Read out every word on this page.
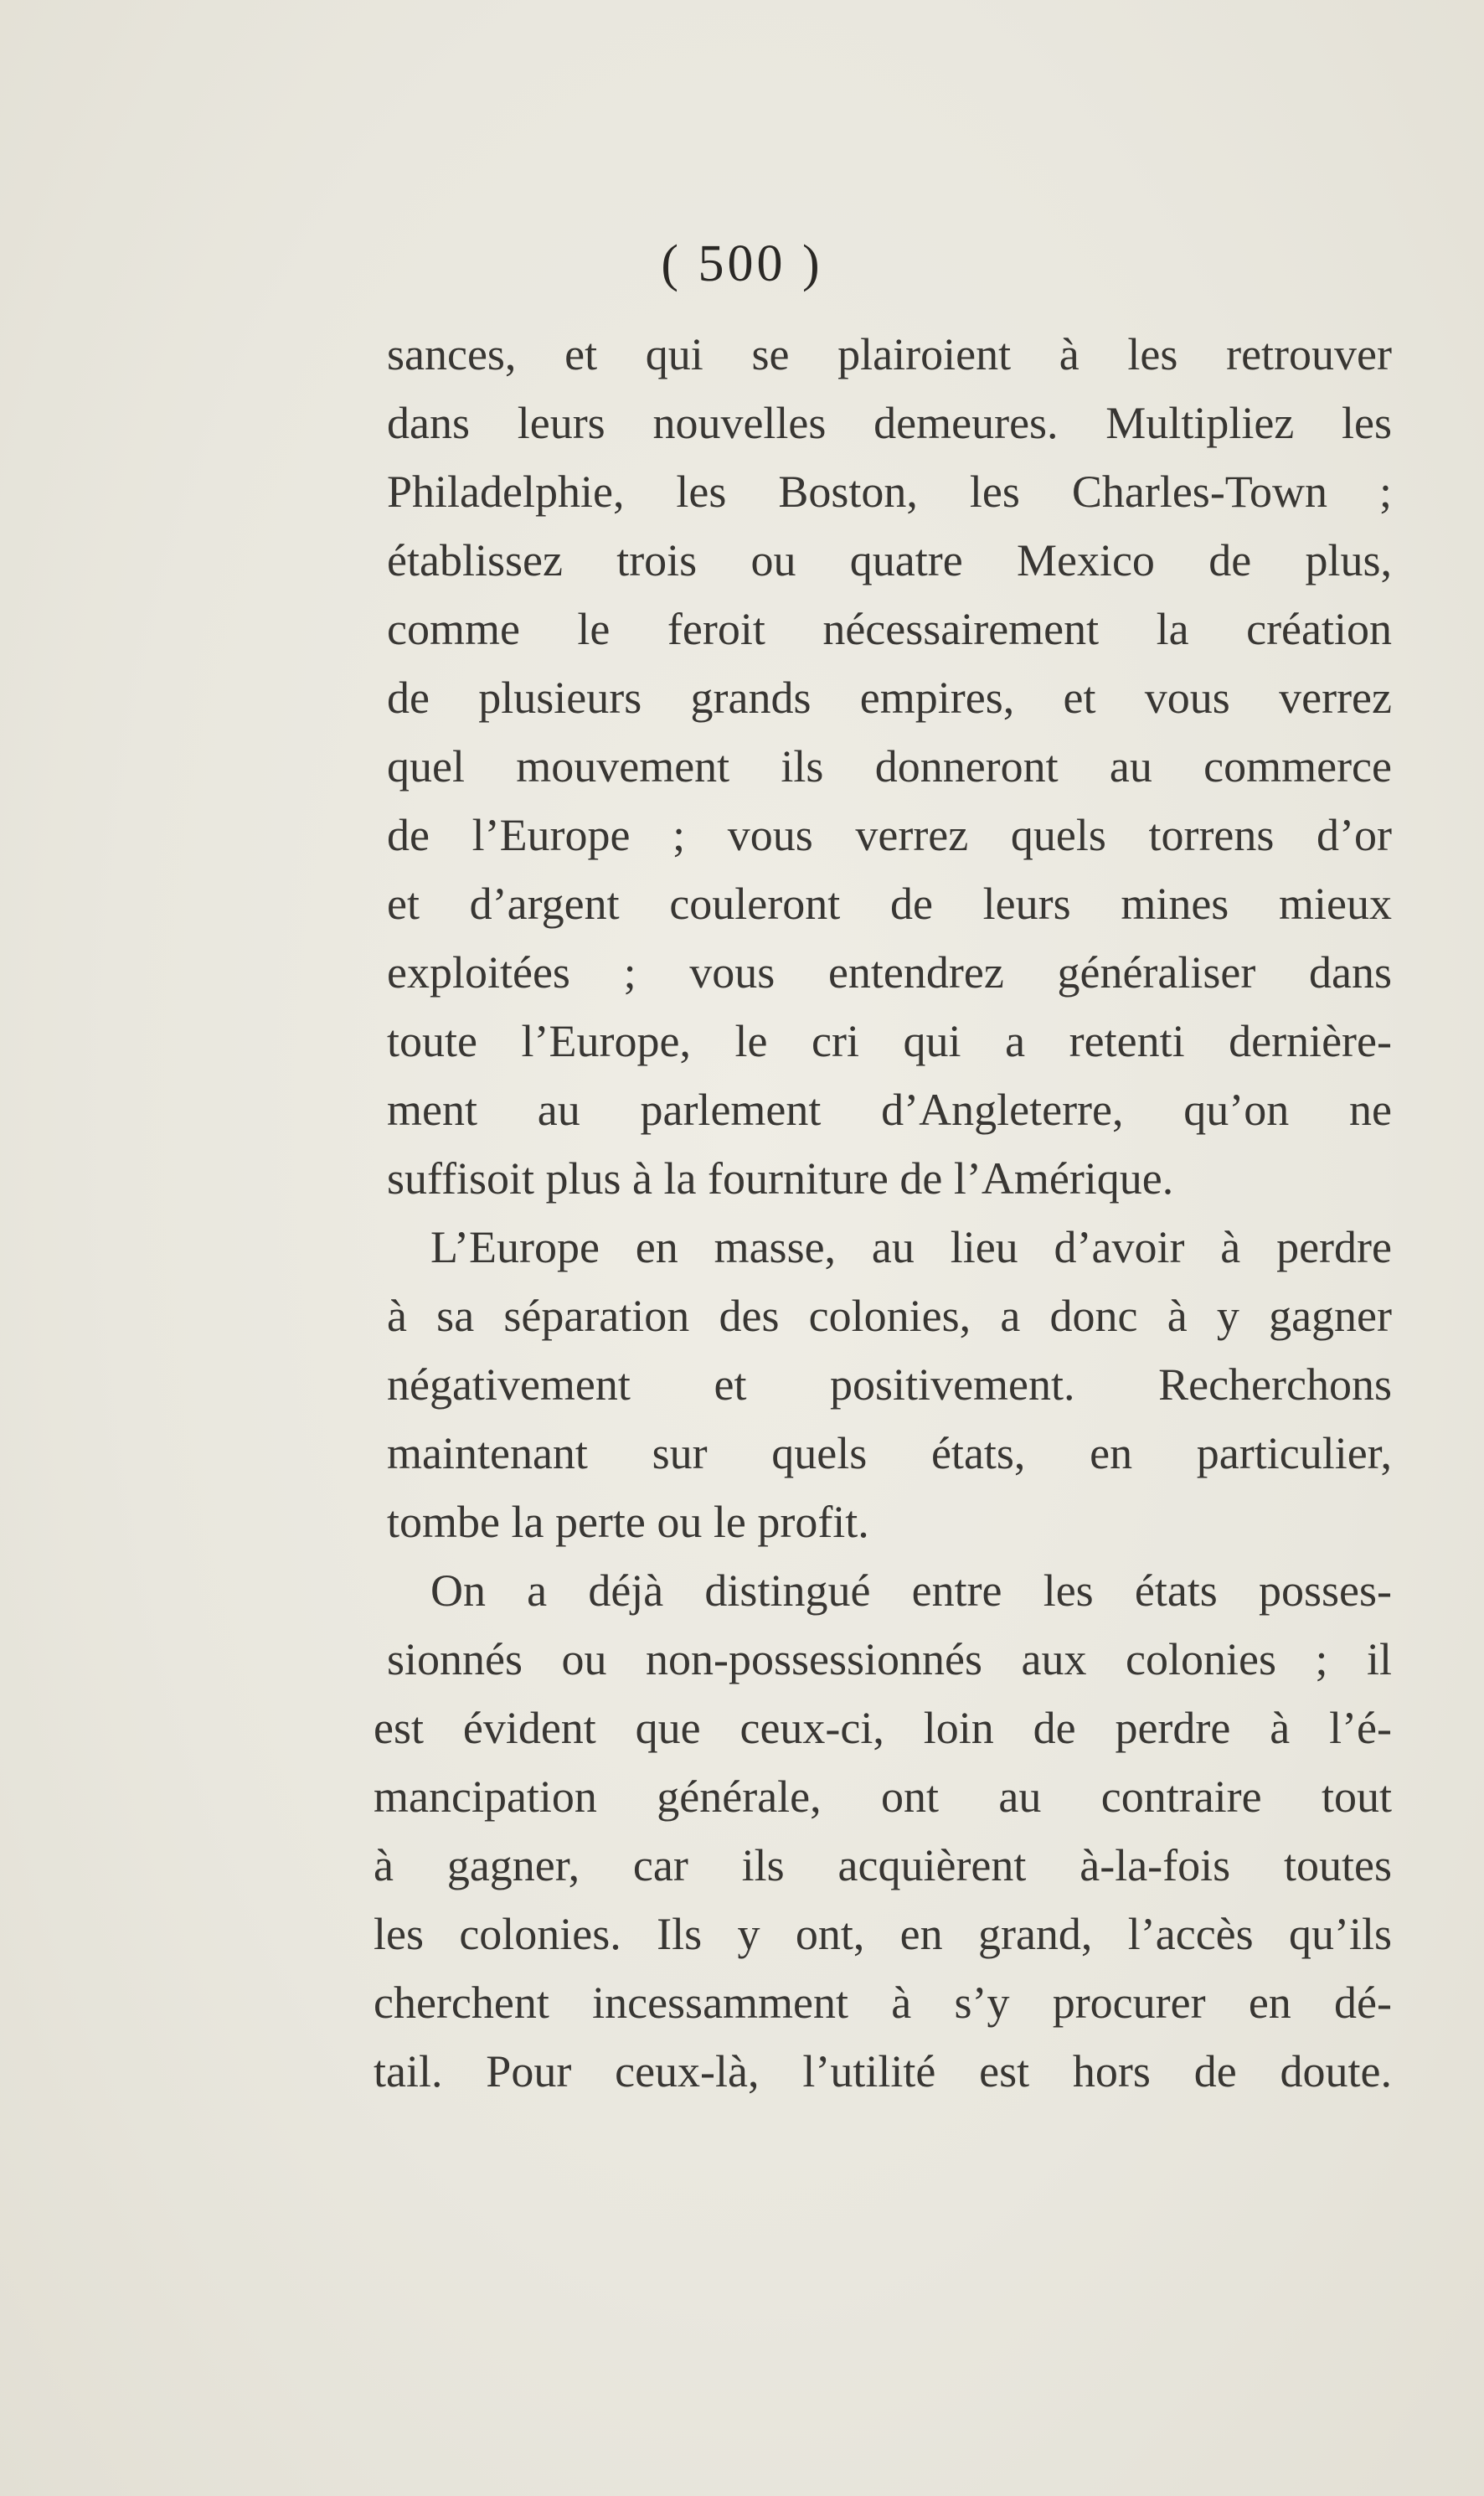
( 500 )
sances, et qui se plairoient à les retrouver
dans leurs nouvelles demeures. Multipliez les
Philadelphie, les Boston, les Charles-Town ;
établissez trois ou quatre Mexico de plus,
comme le feroit nécessairement la création
de plusieurs grands empires, et vous verrez
quel mouvement ils donneront au commerce
de l’Europe ; vous verrez quels torrens d’or
et d’argent couleront de leurs mines mieux
exploitées ; vous entendrez généraliser dans
toute l’Europe, le cri qui a retenti dernière-
ment au parlement d’Angleterre, qu’on ne
suffisoit plus à la fourniture de l’Amérique.
L’Europe en masse, au lieu d’avoir à perdre
à sa séparation des colonies, a donc à y gagner
négativement et positivement. Recherchons
maintenant sur quels états, en particulier,
tombe la perte ou le profit.
On a déjà distingué entre les états posses-
sionnés ou non-possessionnés aux colonies ; il
est évident que ceux-ci, loin de perdre à l’é-
mancipation générale, ont au contraire tout
à gagner, car ils acquièrent à-la-fois toutes
les colonies. Ils y ont, en grand, l’accès qu’ils
cherchent incessamment à s’y procurer en dé-
tail. Pour ceux-là, l’utilité est hors de doute.
